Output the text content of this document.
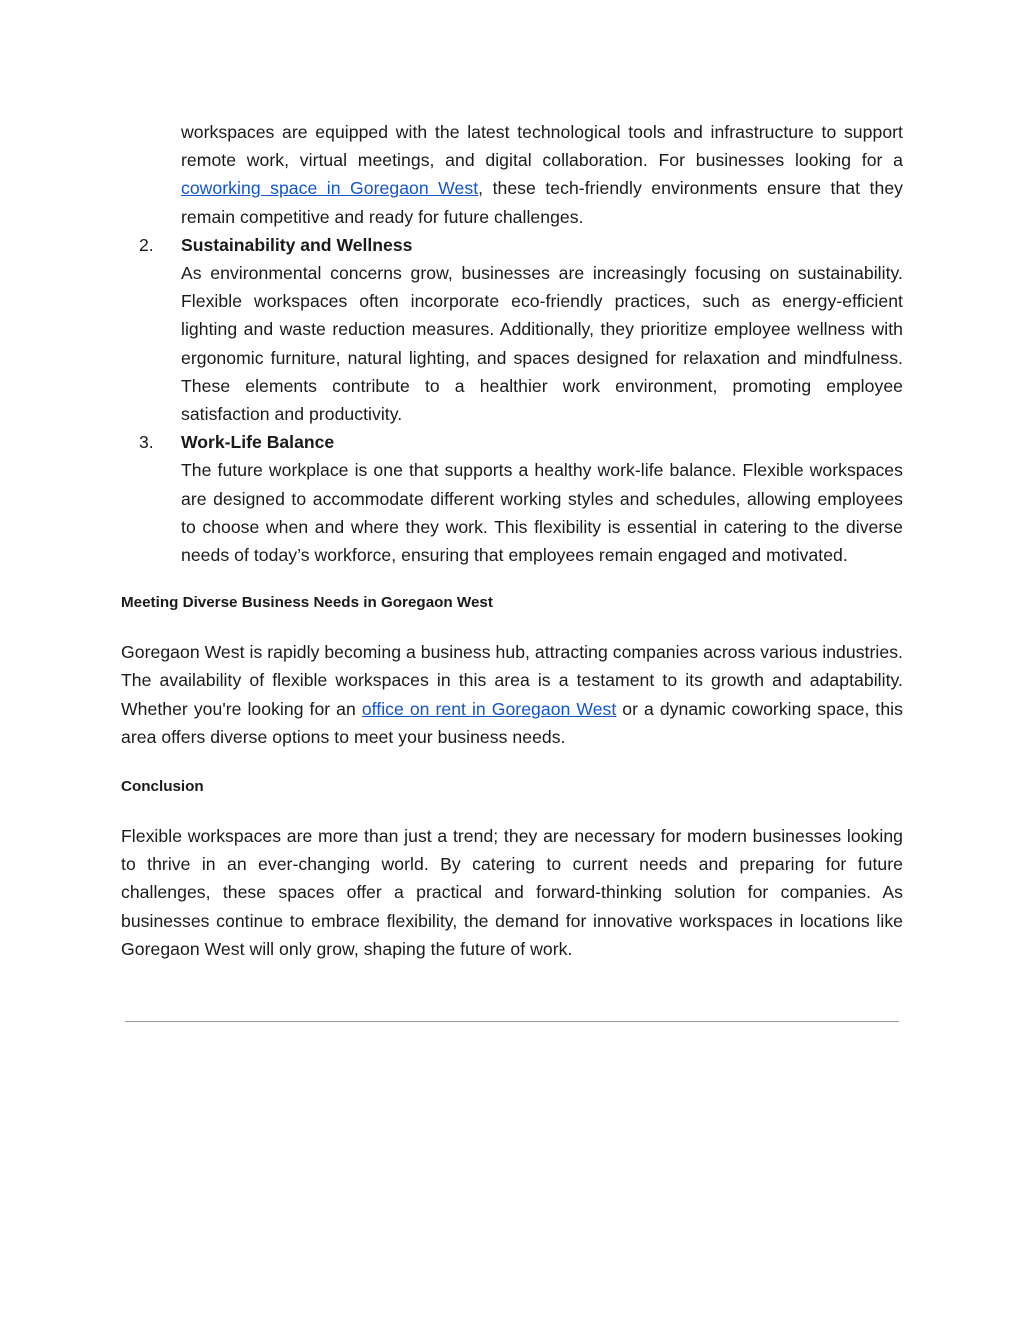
workspaces are equipped with the latest technological tools and infrastructure to support remote work, virtual meetings, and digital collaboration. For businesses looking for a coworking space in Goregaon West, these tech-friendly environments ensure that they remain competitive and ready for future challenges.

2. Sustainability and Wellness

As environmental concerns grow, businesses are increasingly focusing on sustainability. Flexible workspaces often incorporate eco-friendly practices, such as energy-efficient lighting and waste reduction measures. Additionally, they prioritize employee wellness with ergonomic furniture, natural lighting, and spaces designed for relaxation and mindfulness. These elements contribute to a healthier work environment, promoting employee satisfaction and productivity.

3. Work-Life Balance

The future workplace is one that supports a healthy work-life balance. Flexible workspaces are designed to accommodate different working styles and schedules, allowing employees to choose when and where they work. This flexibility is essential in catering to the diverse needs of today’s workforce, ensuring that employees remain engaged and motivated.

Meeting Diverse Business Needs in Goregaon West

Goregaon West is rapidly becoming a business hub, attracting companies across various industries. The availability of flexible workspaces in this area is a testament to its growth and adaptability. Whether you're looking for an office on rent in Goregaon West or a dynamic coworking space, this area offers diverse options to meet your business needs.

Conclusion

Flexible workspaces are more than just a trend; they are necessary for modern businesses looking to thrive in an ever-changing world. By catering to current needs and preparing for future challenges, these spaces offer a practical and forward-thinking solution for companies. As businesses continue to embrace flexibility, the demand for innovative workspaces in locations like Goregaon West will only grow, shaping the future of work.
